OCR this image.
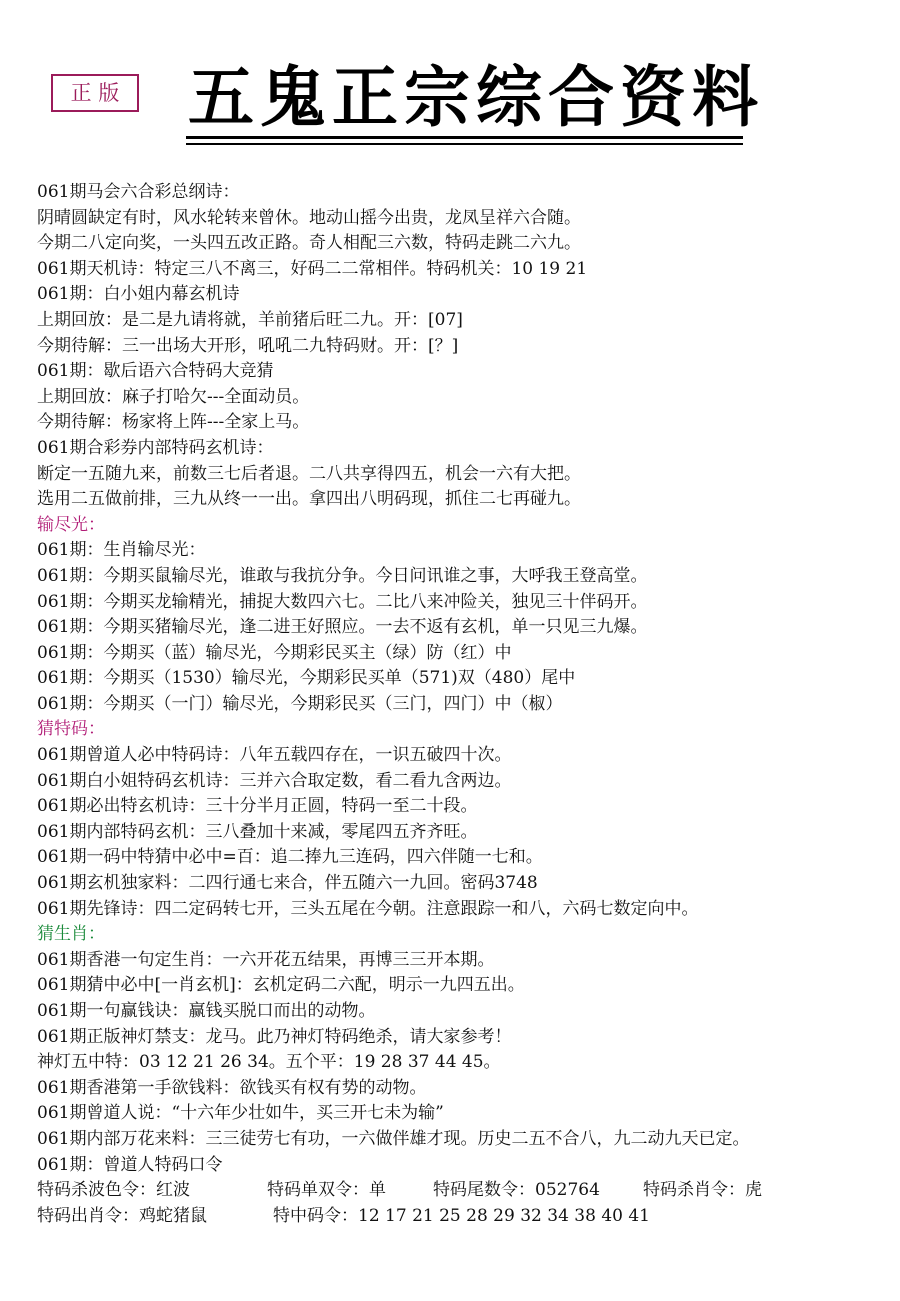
正 版 五鬼正宗综合资料
061期马会六合彩总纲诗：
阴晴圆缺定有时，风水轮转来曾休。地动山摇今出贵，龙凤呈祥六合随。
今期二八定向奖，一头四五改正路。奇人相配三六数，特码走跳二六九。
061期天机诗：特定三八不离三，好码二二常相伴。特码机关：10 19 21
061期：白小姐内幕玄机诗
上期回放：是二是九请将就，羊前猪后旺二九。开：[07]
今期待解：三一出场大开形，吼吼二九特码财。开：[？]
061期：歇后语六合特码大竞猜
上期回放：麻子打哈欠---全面动员。
今期待解：杨家将上阵---全家上马。
061期合彩券内部特码玄机诗：
断定一五随九来，前数三七后者退。二八共享得四五，机会一六有大把。
选用二五做前排，三九从终一一出。拿四出八明码现，抓住二七再碰九。
输尽光：
061期：生肖输尽光：
061期：今期买鼠输尽光，谁敢与我抗分争。今日问讯谁之事，大呼我王登高堂。
061期：今期买龙输精光，捕捉大数四六七。二比八来冲险关，独见三十伴码开。
061期：今期买猪输尽光，逢二进王好照应。一去不返有玄机，单一只见三九爆。
061期：今期买（蓝）输尽光，今期彩民买主（绿）防（红）中
061期：今期买（1530）输尽光，今期彩民买单（571)双（480）尾中
061期：今期买（一门）输尽光，今期彩民买（三门，四门）中（椒）
猜特码：
061期曾道人必中特码诗：八年五载四存在，一识五破四十次。
061期白小姐特码玄机诗：三并六合取定数，看二看九含两边。
061期必出特玄机诗：三十分半月正圆，特码一至二十段。
061期内部特码玄机：三八叠加十来减，零尾四五齐齐旺。
061期一码中特猜中必中=百：追二捧九三连码，四六伴随一七和。
061期玄机独家料：二四行通七来合，伴五随六一九回。密码3748
061期先锋诗：四二定码转七开，三头五尾在今朝。注意跟踪一和八，六码七数定向中。
猜生肖：
061期香港一句定生肖：一六开花五结果，再博三三开本期。
061期猜中必中[一肖玄机]：玄机定码二六配，明示一九四五出。
061期一句赢钱诀：赢钱买脱口而出的动物。
061期正版神灯禁支：龙马。此乃神灯特码绝杀，请大家参考！
神灯五中特：03 12 21 26 34。五个平：19 28 37 44 45。
061期香港第一手欲钱料：欲钱买有权有势的动物。
061期曾道人说：“十六年少壮如牛，买三开七未为输”
061期内部万花来料：三三徒劳七有功，一六做伴雄才现。历史二五不合八，九二动九天已定。
061期：曾道人特码口令
特码杀波色令：红波	特码单双令：单	特码尾数令：052764	特码杀肖令：虎
特码出肖令：鸡蛇猪鼠	特中码令：12 17 21 25 28 29 32 34 38 40 41
